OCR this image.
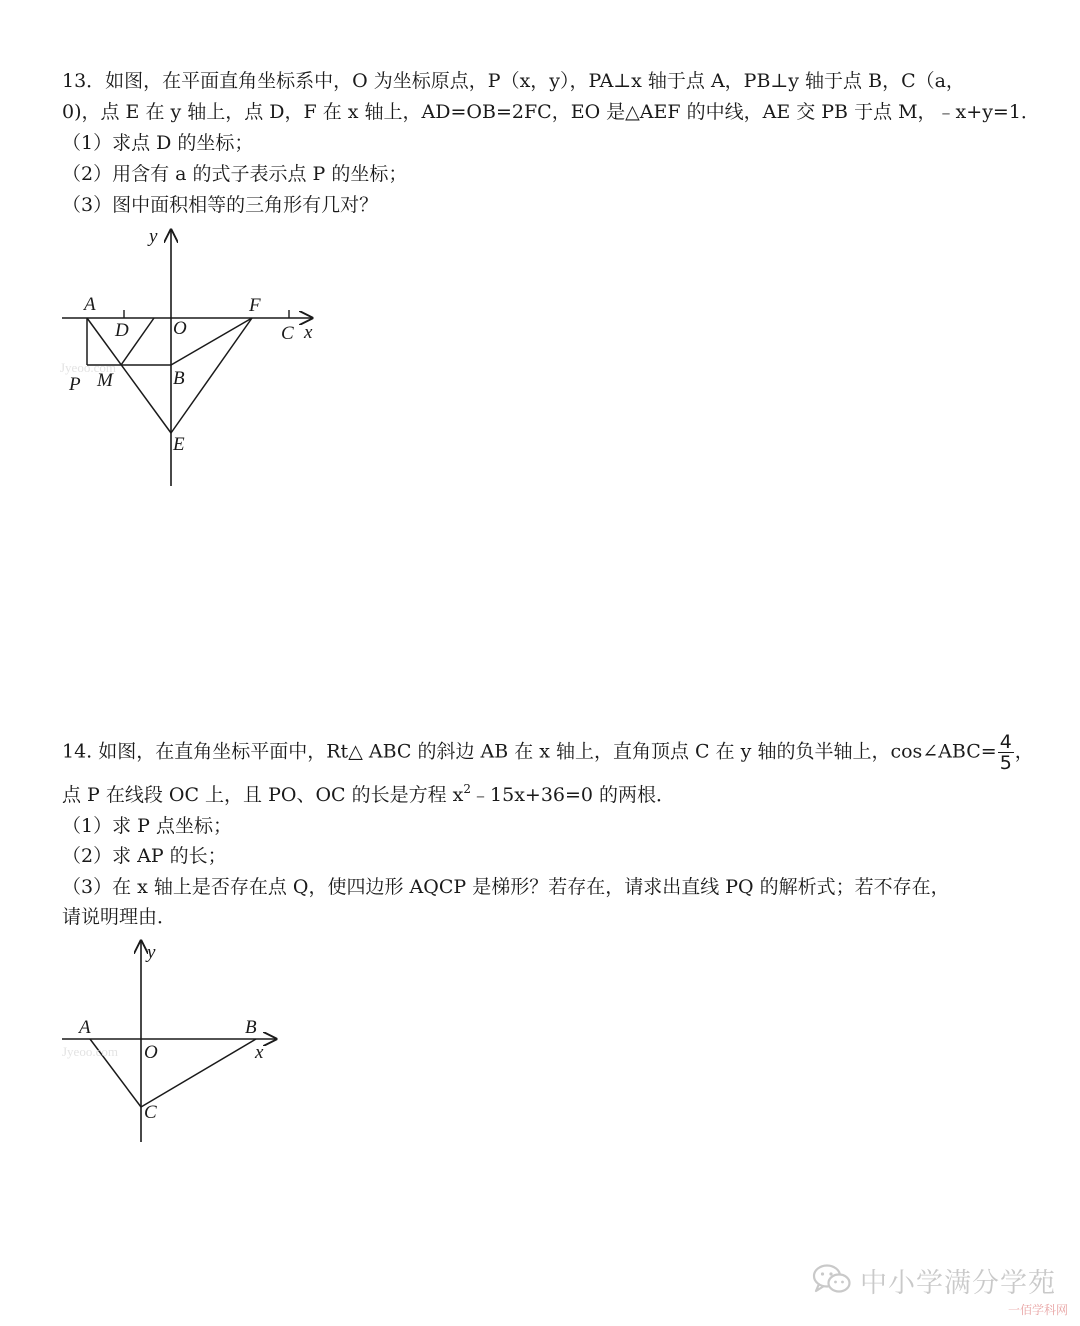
13．如图，在平面直角坐标系中，O 为坐标原点，P（x，y），PA⊥x 轴于点 A，PB⊥y 轴于点 B，C（a，
0)，点 E 在 y 轴上，点 D，F 在 x 轴上，AD=OB=2FC，EO 是△AEF 的中线，AE 交 PB 于点 M，﹣x+y=1．
（1）求点 D 的坐标；
（2）用含有 a 的式子表示点 P 的坐标；
（3）图中面积相等的三角形有几对？
Jyeoo.com
y
A
D O
F
C x
P M	B
E
14. 如图，在直角坐标平面中，Rt△ ABC 的斜边 AB 在 x 轴上，直角顶点 C 在 y 轴的负半轴上，cos∠ABC= $\frac{4}{5}$ ，
点 P 在线段 OC 上，且 PO、OC 的长是方程 $x^2﹣15x+36=0$ 的两根．
（1）求 P 点坐标；
（2）求 AP 的长；
（3）在 x 轴上是否存在点 Q，使四边形 AQCP 是梯形？若存在，请求出直线 PQ 的解析式；若不存在，
请说明理由．
Jyeoo.com
y
A	B
O	x
C
中小学满分学苑
一佰学科网
